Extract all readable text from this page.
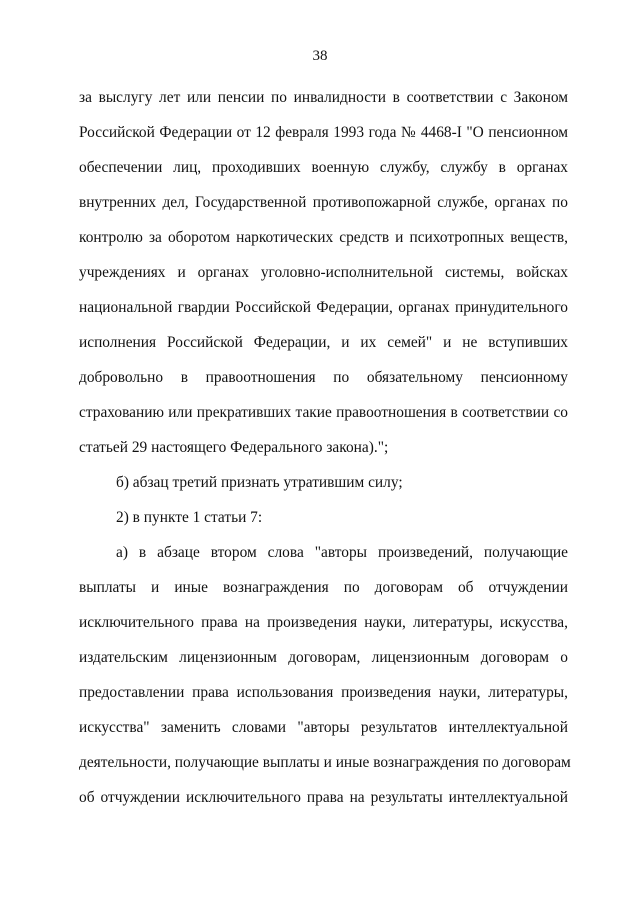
38
за выслугу лет или пенсии по инвалидности в соответствии с Законом
Российской Федерации от 12 февраля 1993 года № 4468-I "О пенсионном
обеспечении лиц, проходивших военную службу, службу в органах
внутренних дел, Государственной противопожарной службе, органах по
контролю за оборотом наркотических средств и психотропных веществ,
учреждениях и органах уголовно-исполнительной системы, войсках
национальной гвардии Российской Федерации, органах принудительного
исполнения Российской Федерации, и их семей" и не вступивших
добровольно в правоотношения по обязательному пенсионному
страхованию или прекративших такие правоотношения в соответствии со
статьей 29 настоящего Федерального закона).";
б) абзац третий признать утратившим силу;
2) в пункте 1 статьи 7:
а) в абзаце втором слова "авторы произведений, получающие
выплаты и иные вознаграждения по договорам об отчуждении
исключительного права на произведения науки, литературы, искусства,
издательским лицензионным договорам, лицензионным договорам о
предоставлении права использования произведения науки, литературы,
искусства" заменить словами "авторы результатов интеллектуальной
деятельности, получающие выплаты и иные вознаграждения по договорам
об отчуждении исключительного права на результаты интеллектуальной
